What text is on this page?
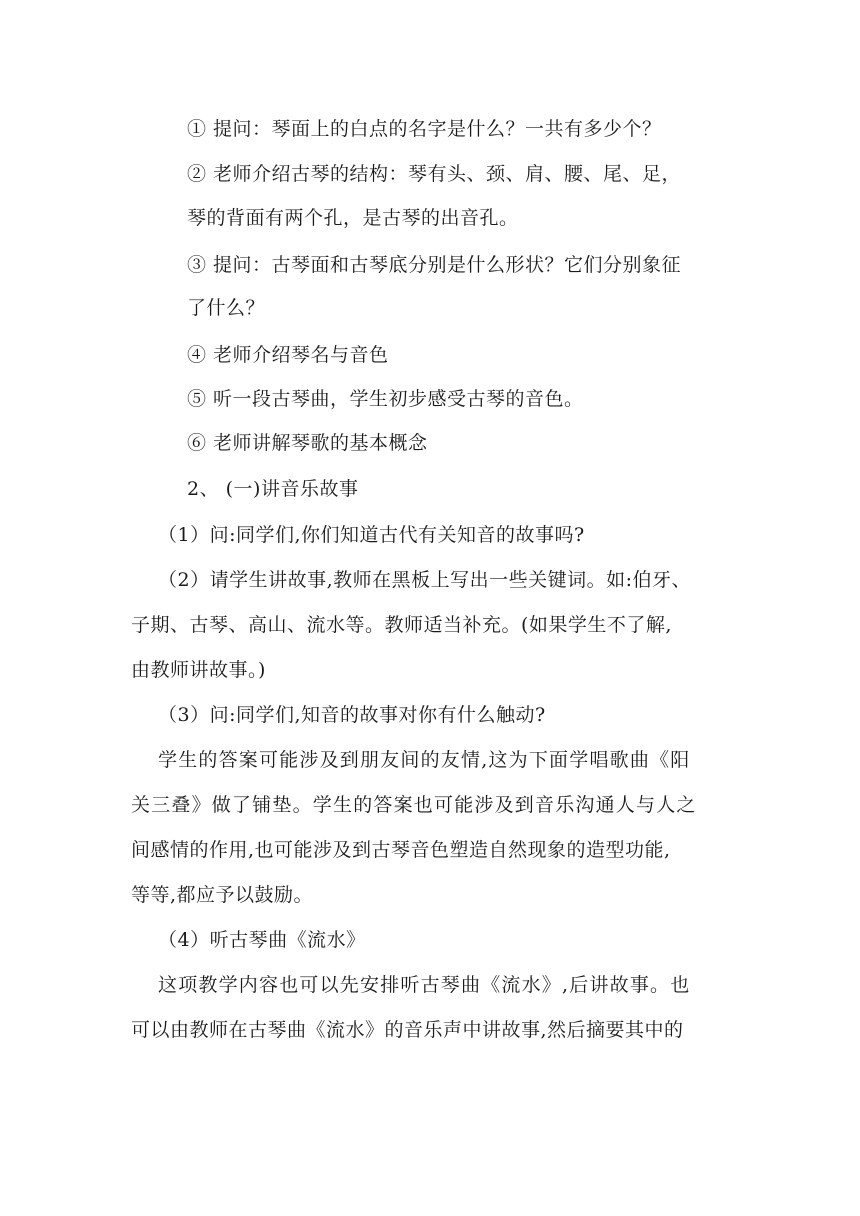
① 提问：琴面上的白点的名字是什么？一共有多少个？
② 老师介绍古琴的结构：琴有头、颈、肩、腰、尾、足，
琴的背面有两个孔，是古琴的出音孔。
③ 提问：古琴面和古琴底分别是什么形状？它们分别象征
了什么？
④ 老师介绍琴名与音色
⑤ 听一段古琴曲，学生初步感受古琴的音色。
⑥ 老师讲解琴歌的基本概念
2、 (一)讲音乐故事
（1）问:同学们,你们知道古代有关知音的故事吗?
（2）请学生讲故事,教师在黑板上写出一些关键词。如:伯牙、
子期、古琴、高山、流水等。教师适当补充。(如果学生不了解,
由教师讲故事。)
（3）问:同学们,知音的故事对你有什么触动?
学生的答案可能涉及到朋友间的友情,这为下面学唱歌曲《阳
关三叠》做了铺垫。学生的答案也可能涉及到音乐沟通人与人之
间感情的作用,也可能涉及到古琴音色塑造自然现象的造型功能,
等等,都应予以鼓励。
（4）听古琴曲《流水》
这项教学内容也可以先安排听古琴曲《流水》,后讲故事。也
可以由教师在古琴曲《流水》的音乐声中讲故事,然后摘要其中的
